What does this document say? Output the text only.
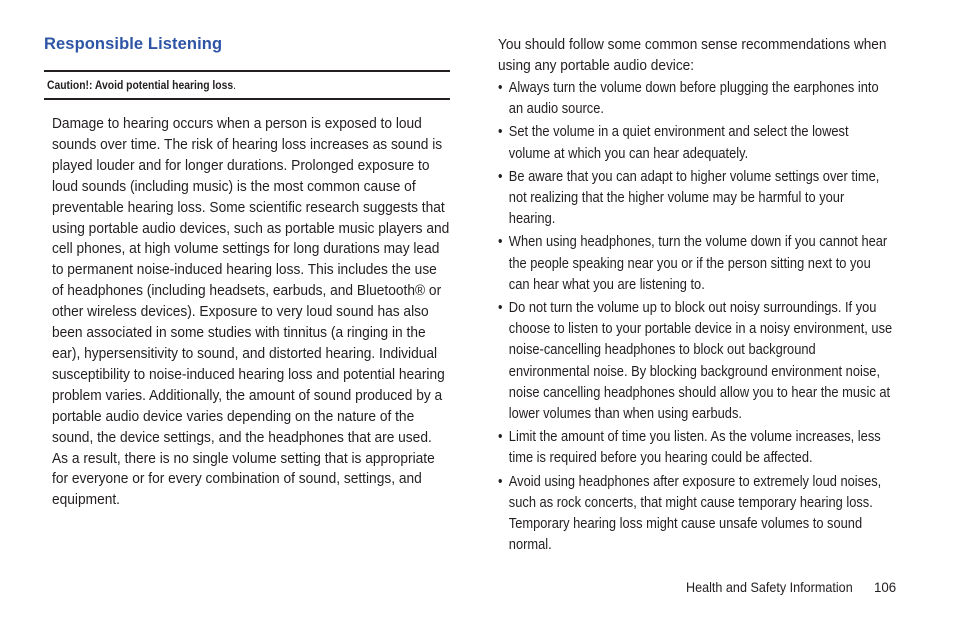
Responsible Listening
Caution!: Avoid potential hearing loss.
Damage to hearing occurs when a person is exposed to loud sounds over time. The risk of hearing loss increases as sound is played louder and for longer durations. Prolonged exposure to loud sounds (including music) is the most common cause of preventable hearing loss. Some scientific research suggests that using portable audio devices, such as portable music players and cell phones, at high volume settings for long durations may lead to permanent noise-induced hearing loss. This includes the use of headphones (including headsets, earbuds, and Bluetooth® or other wireless devices). Exposure to very loud sound has also been associated in some studies with tinnitus (a ringing in the ear), hypersensitivity to sound, and distorted hearing. Individual susceptibility to noise-induced hearing loss and potential hearing problem varies. Additionally, the amount of sound produced by a portable audio device varies depending on the nature of the sound, the device settings, and the headphones that are used. As a result, there is no single volume setting that is appropriate for everyone or for every combination of sound, settings, and equipment.
You should follow some common sense recommendations when using any portable audio device:
• Always turn the volume down before plugging the earphones into an audio source.
• Set the volume in a quiet environment and select the lowest volume at which you can hear adequately.
• Be aware that you can adapt to higher volume settings over time, not realizing that the higher volume may be harmful to your hearing.
• When using headphones, turn the volume down if you cannot hear the people speaking near you or if the person sitting next to you can hear what you are listening to.
• Do not turn the volume up to block out noisy surroundings. If you choose to listen to your portable device in a noisy environment, use noise-cancelling headphones to block out background environmental noise. By blocking background environment noise, noise cancelling headphones should allow you to hear the music at lower volumes than when using earbuds.
• Limit the amount of time you listen. As the volume increases, less time is required before you hearing could be affected.
• Avoid using headphones after exposure to extremely loud noises, such as rock concerts, that might cause temporary hearing loss. Temporary hearing loss might cause unsafe volumes to sound normal.
Health and Safety Information 106
